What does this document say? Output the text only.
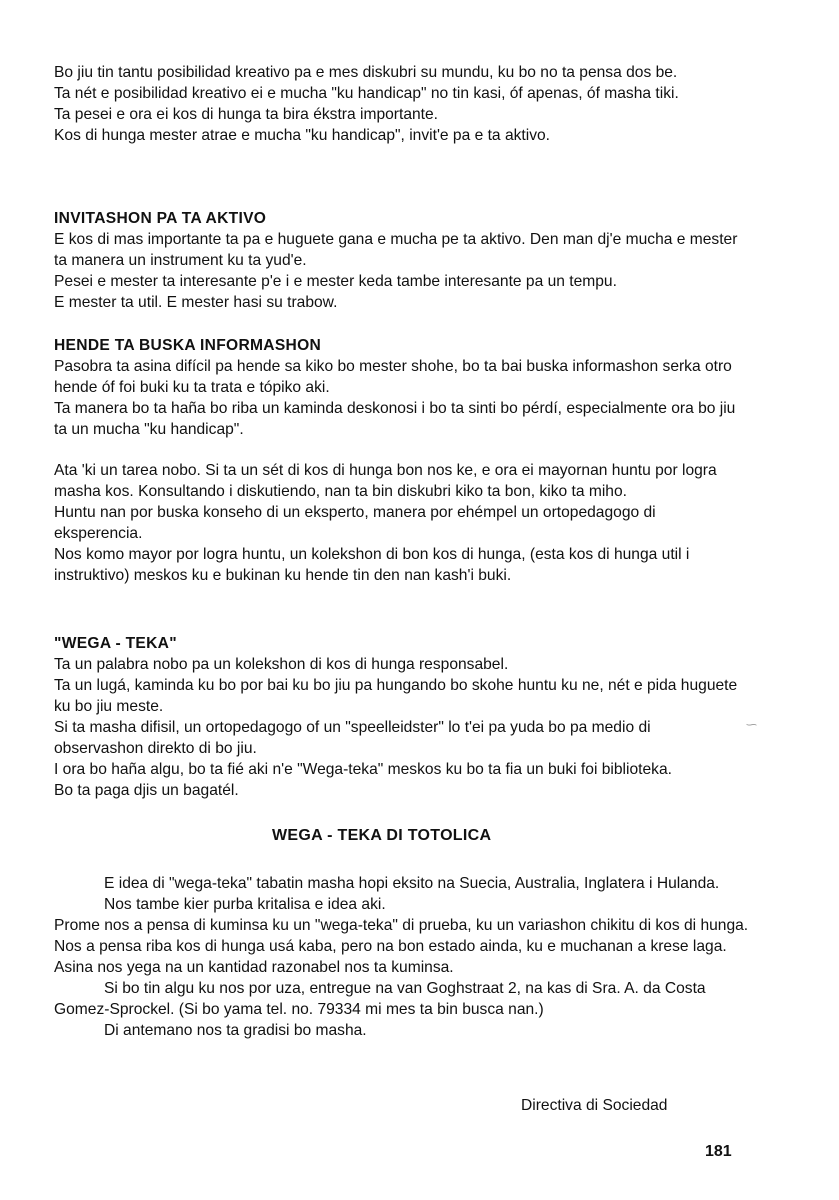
Bo jiu tin tantu posibilidad kreativo pa e mes diskubri su mundu, ku bo no ta pensa dos be.

Ta nét e posibilidad kreativo ei e mucha "ku handicap" no tin kasi, óf apenas, óf masha tiki.

Ta pesei e ora ei kos di hunga ta bira ékstra importante.

Kos di hunga mester atrae e mucha "ku handicap", invit'e pa e ta aktivo.

INVITASHON PA TA AKTIVO

E kos di mas importante ta pa e huguete gana e mucha pe ta aktivo. Den man dj'e mucha e mester ta manera un instrument ku ta yud'e.

Pesei e mester ta interesante p'e i e mester keda tambe interesante pa un tempu.

E mester ta util. E mester hasi su trabow.

HENDE TA BUSKA INFORMASHON

Pasobra ta asina difícil pa hende sa kiko bo mester shohe, bo ta bai buska informashon serka otro hende óf foi buki ku ta trata e tópiko aki.

Ta manera bo ta haña bo riba un kaminda deskonosi i bo ta sinti bo pérdí, especialmente ora bo jiu ta un mucha "ku handicap".

Ata 'ki un tarea nobo. Si ta un sét di kos di hunga bon nos ke, e ora ei mayornan huntu por logra masha kos. Konsultando i diskutiendo, nan ta bin diskubri kiko ta bon, kiko ta miho.

Huntu nan por buska konseho di un eksperto, manera por ehémpel un ortopedagogo di eksperencia.

Nos komo mayor por logra huntu, un kolekshon di bon kos di hunga, (esta kos di hunga util i instruktivo) meskos ku e bukinan ku hende tin den nan kash'i buki.

"WEGA - TEKA"

Ta un palabra nobo pa un kolekshon di kos di hunga responsabel.

Ta un lugá, kaminda ku bo por bai ku bo jiu pa hungando bo skohe huntu ku ne, nét e pida huguete ku bo jiu meste.

Si ta masha difisil, un ortopedagogo of un "speelleidster" lo t'ei pa yuda bo pa medio di observashon direkto di bo jiu.

I ora bo haña algu, bo ta fié aki n'e "Wega-teka" meskos ku bo ta fia un buki foi biblioteka.

Bo ta paga djis un bagatél.

WEGA - TEKA DI TOTOLICA

E idea di "wega-teka" tabatin masha hopi eksito na Suecia, Australia, Inglatera i Hulanda.

Nos tambe kier purba kritalisa e idea aki.

Prome nos a pensa di kuminsa ku un "wega-teka" di prueba, ku un variashon chikitu di kos di hunga.

Nos a pensa riba kos di hunga usá kaba, pero na bon estado ainda, ku e muchanan a krese laga.

Asina nos yega na un kantidad razonabel nos ta kuminsa.

Si bo tin algu ku nos por uza, entregue na van Goghstraat 2, na kas di Sra. A. da Costa Gomez-Sprockel. (Si bo yama tel. no. 79334 mi mes ta bin busca nan.)

Di antemano nos ta gradisi bo masha.

Directiva di Sociedad
181
⁓
